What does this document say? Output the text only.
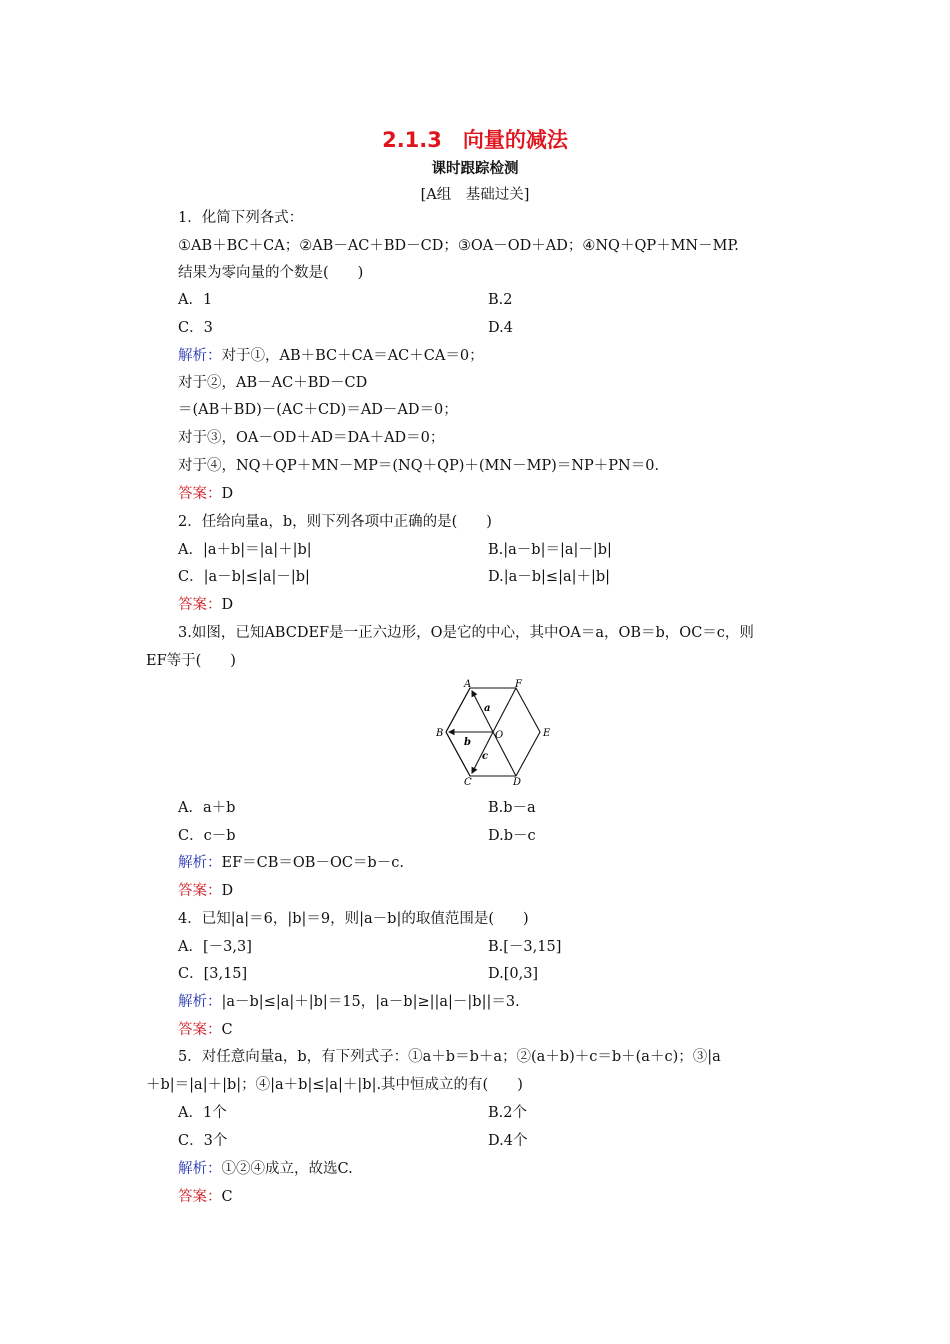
2.1.3　向量的减法
课时跟踪检测
[A组　基础过关]
1．化简下列各式：
①AB＋BC＋CA；②AB－AC＋BD－CD；③OA－OD＋AD；④NQ＋QP＋MN－MP.
结果为零向量的个数是(　　)
A．1	B.2
C．3	D.4
解析：对于①，AB＋BC＋CA＝AC＋CA＝0；
对于②，AB－AC＋BD－CD
＝(AB＋BD)－(AC＋CD)＝AD－AD＝0；
对于③，OA－OD＋AD＝DA＋AD＝0；
对于④，NQ＋QP＋MN－MP＝(NQ＋QP)＋(MN－MP)＝NP＋PN＝0.
答案：D
2．任给向量a，b，则下列各项中正确的是(　　)
A．|a＋b|＝|a|＋|b|	B.|a－b|＝|a|－|b|
C．|a－b|≤|a|－|b|	D.|a－b|≤|a|＋|b|
答案：D
3.如图，已知ABCDEF是一正六边形，O是它的中心，其中OA＝a，OB＝b，OC＝c，则
EF等于(　　)
A	F
E
D
C
B	O
a
b
c
A．a＋b	B.b－a
C．c－b	D.b－c
解析：EF＝CB＝OB－OC＝b－c.
答案：D
4．已知|a|＝6，|b|＝9，则|a－b|的取值范围是(　　)
A．[－3,3]	B.[－3,15]
C．[3,15]	D.[0,3]
解析：|a－b|≤|a|＋|b|＝15，|a－b|≥||a|－|b||＝3.
答案：C
5．对任意向量a，b，有下列式子：①a＋b＝b＋a；②(a＋b)＋c＝b＋(a＋c)；③|a
＋b|＝|a|＋|b|；④|a＋b|≤|a|＋|b|.其中恒成立的有(　　)
A．1个	B.2个
C．3个	D.4个
解析：①②④成立，故选C.
答案：C
